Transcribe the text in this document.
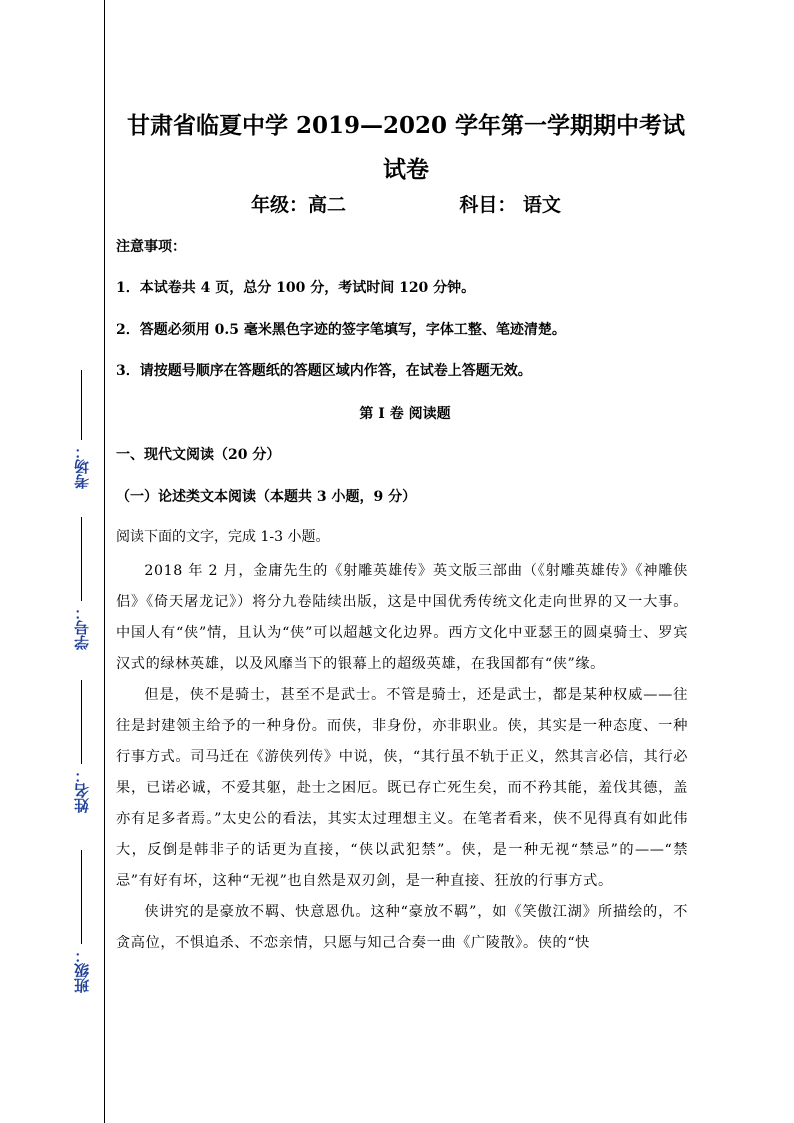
考场：
学号：
姓名：
班级：
甘肃省临夏中学 2019—2020 学年第一学期期中考试试卷
年级：高二	科目： 语文
注意事项：
1．本试卷共 4 页，总分 100 分，考试时间 120 分钟。
2．答题必须用 0.5 毫米黑色字迹的签字笔填写，字体工整、笔迹清楚。
3．请按题号顺序在答题纸的答题区域内作答，在试卷上答题无效。
第 I 卷 阅读题
一、现代文阅读（20 分）
（一）论述类文本阅读（本题共 3 小题，9 分）
阅读下面的文字，完成 1-3 小题。

2018 年 2 月，金庸先生的《射雕英雄传》英文版三部曲（《射雕英雄传》《神雕侠侣》《倚天屠龙记》）将分九卷陆续出版，这是中国优秀传统文化走向世界的又一大事。中国人有“侠”情，且认为“侠”可以超越文化边界。西方文化中亚瑟王的圆桌骑士、罗宾汉式的绿林英雄，以及风靡当下的银幕上的超级英雄，在我国都有“侠”缘。

但是，侠不是骑士，甚至不是武士。不管是骑士，还是武士，都是某种权威——往往是封建领主给予的一种身份。而侠，非身份，亦非职业。侠，其实是一种态度、一种行事方式。司马迁在《游侠列传》中说，侠，“其行虽不轨于正义，然其言必信，其行必果，已诺必诚，不爱其躯，赴士之困厄。既已存亡死生矣，而不矜其能，羞伐其德，盖亦有足多者焉。”太史公的看法，其实太过理想主义。在笔者看来，侠不见得真有如此伟大，反倒是韩非子的话更为直接，“侠以武犯禁”。侠，是一种无视“禁忌”的——“禁忌”有好有坏，这种“无视”也自然是双刃剑，是一种直接、狂放的行事方式。

侠讲究的是豪放不羁、快意恩仇。这种“豪放不羁”，如《笑傲江湖》所描绘的，不贪高位，不惧追杀、不恋亲情，只愿与知己合奏一曲《广陵散》。侠的“快
